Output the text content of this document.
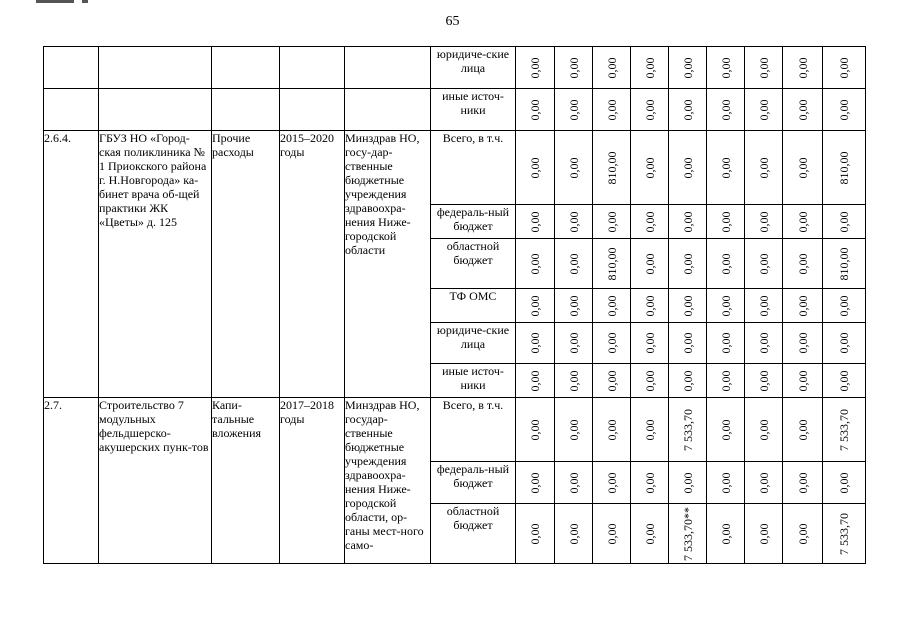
65
					юридиче-ские лица	0,00	0,00	0,00	0,00	0,00	0,00	0,00	0,00	0,00

					иные источ-ники	0,00	0,00	0,00	0,00	0,00	0,00	0,00	0,00	0,00

2.6.4.	ГБУЗ НО «Город-ская поликлиника № 1 Приокского района г. Н.Новгорода» ка-бинет врача об-щей практики ЖК «Цветы» д. 125	Прочие расходы	2015–2020 годы	Минздрав НО, госу-дар-ственные бюджетные учреждения здравоохра-нения Ниже-городской области	Всего, в т.ч.	0,00	0,00	810,00	0,00	0,00	0,00	0,00	0,00	810,00

					федераль-ный бюджет	0,00	0,00	0,00	0,00	0,00	0,00	0,00	0,00	0,00

					областной бюджет	0,00	0,00	810,00	0,00	0,00	0,00	0,00	0,00	810,00

					ТФ ОМС	0,00	0,00	0,00	0,00	0,00	0,00	0,00	0,00	0,00

					юридиче-ские лица	0,00	0,00	0,00	0,00	0,00	0,00	0,00	0,00	0,00

					иные источ-ники	0,00	0,00	0,00	0,00	0,00	0,00	0,00	0,00	0,00

2.7.	Строительство 7 модульных фельдшерско-акушерских пунк-тов	Капи-тальные вложения	2017–2018 годы	Минздрав НО, государ-ственные бюджетные учреждения здравоохра-нения Ниже-городской области, ор-ганы мест-ного само-	Всего, в т.ч.	0,00	0,00	0,00	0,00	7 533,70	0,00	0,00	0,00	7 533,70

					федераль-ный бюджет	0,00	0,00	0,00	0,00	0,00	0,00	0,00	0,00	0,00

					областной бюджет	0,00	0,00	0,00	0,00	7 533,70**	0,00	0,00	0,00	7 533,70
